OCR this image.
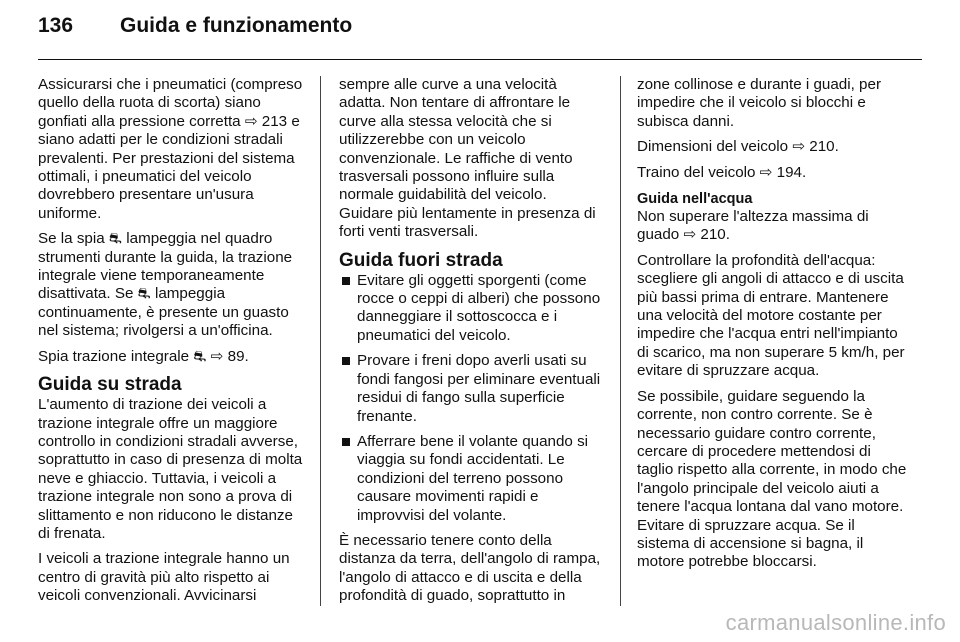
136	Guida e funzionamento

Assicurarsi che i pneumatici (compreso quello della ruota di scorta) siano gonfiati alla pressione corretta ⇨ 213 e siano adatti per le condizioni stradali prevalenti. Per prestazioni del sistema ottimali, i pneumatici del veicolo dovrebbero presentare un'usura uniforme.

Se la spia ⛐ lampeggia nel quadro strumenti durante la guida, la trazione integrale viene temporaneamente disattivata. Se ⛐ lampeggia continuamente, è presente un guasto nel sistema; rivolgersi a un'officina.

Spia trazione integrale ⛐ ⇨ 89.

Guida su strada

L'aumento di trazione dei veicoli a trazione integrale offre un maggiore controllo in condizioni stradali avverse, soprattutto in caso di presenza di molta neve e ghiaccio. Tuttavia, i veicoli a trazione integrale non sono a prova di slittamento e non riducono le distanze di frenata.

I veicoli a trazione integrale hanno un centro di gravità più alto rispetto ai veicoli convenzionali. Avvicinarsi

sempre alle curve a una velocità adatta. Non tentare di affrontare le curve alla stessa velocità che si utilizzerebbe con un veicolo convenzionale. Le raffiche di vento trasversali possono influire sulla normale guidabilità del veicolo. Guidare più lentamente in presenza di forti venti trasversali.

Guida fuori strada
Evitare gli oggetti sporgenti (come rocce o ceppi di alberi) che possono danneggiare il sottoscocca e i pneumatici del veicolo.
Provare i freni dopo averli usati su fondi fangosi per eliminare eventuali residui di fango sulla superficie frenante.
Afferrare bene il volante quando si viaggia su fondi accidentati. Le condizioni del terreno possono causare movimenti rapidi e improvvisi del volante.

È necessario tenere conto della distanza da terra, dell'angolo di rampa, l'angolo di attacco e di uscita e della profondità di guado, soprattutto in

zone collinose e durante i guadi, per impedire che il veicolo si blocchi e subisca danni.

Dimensioni del veicolo ⇨ 210.

Traino del veicolo ⇨ 194.

Guida nell'acqua

Non superare l'altezza massima di guado ⇨ 210.

Controllare la profondità dell'acqua: scegliere gli angoli di attacco e di uscita più bassi prima di entrare. Mantenere una velocità del motore costante per impedire che l'acqua entri nell'impianto di scarico, ma non superare 5 km/h, per evitare di spruzzare acqua.

Se possibile, guidare seguendo la corrente, non contro corrente. Se è necessario guidare contro corrente, cercare di procedere mettendosi di taglio rispetto alla corrente, in modo che l'angolo principale del veicolo aiuti a tenere l'acqua lontana dal vano motore. Evitare di spruzzare acqua. Se il sistema di accensione si bagna, il motore potrebbe bloccarsi.

carmanualsonline.info
